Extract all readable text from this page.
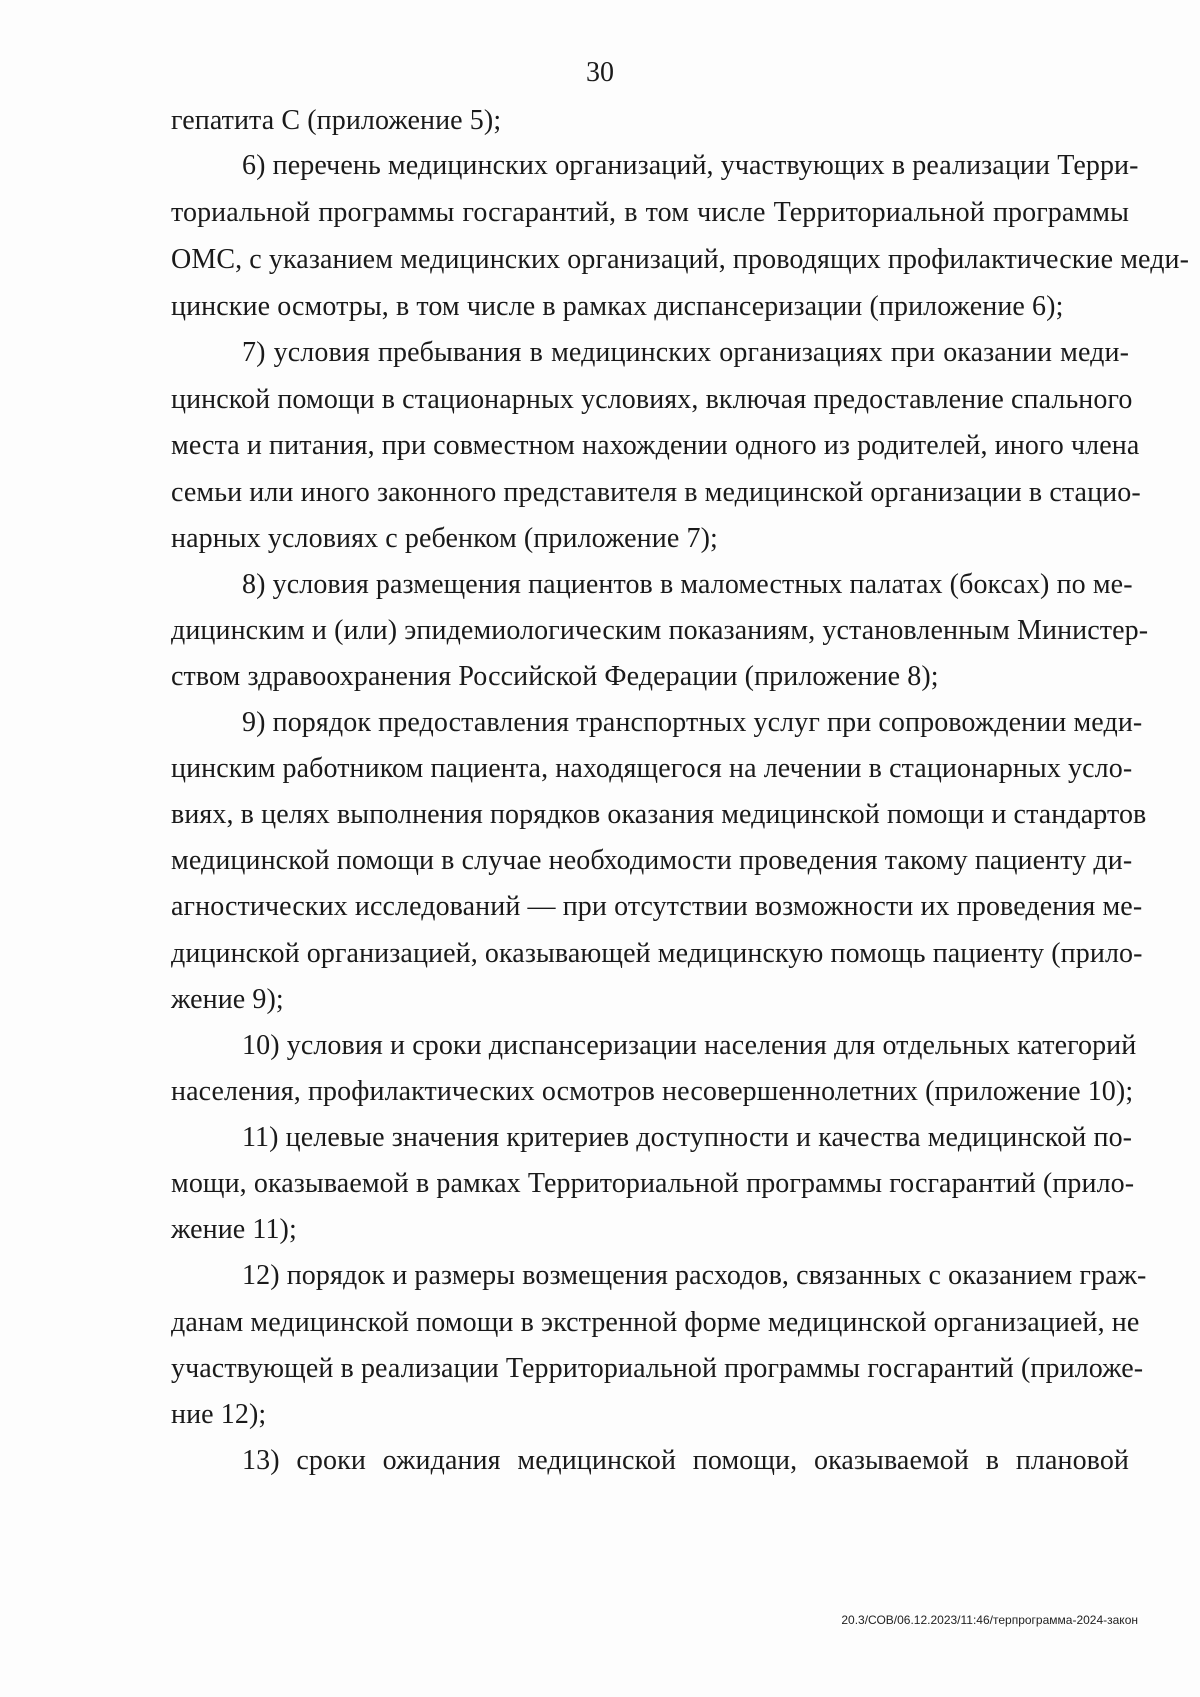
30
гепатита С (приложение 5);
6) перечень медицинских организаций, участвующих в реализации Терри-
ториальной программы госгарантий, в том числе Территориальной программы
ОМС, с указанием медицинских организаций, проводящих профилактические меди-
цинские осмотры, в том числе в рамках диспансеризации (приложение 6);
7) условия пребывания в медицинских организациях при оказании меди-
цинской помощи в стационарных условиях, включая предоставление спального
места и питания, при совместном нахождении одного из родителей, иного члена
семьи или иного законного представителя в медицинской организации в стацио-
нарных условиях с ребенком (приложение 7);
8) условия размещения пациентов в маломестных палатах (боксах) по ме-
дицинским и (или) эпидемиологическим показаниям, установленным Министер-
ством здравоохранения Российской Федерации (приложение 8);
9) порядок предоставления транспортных услуг при сопровождении меди-
цинским работником пациента, находящегося на лечении в стационарных усло-
виях, в целях выполнения порядков оказания медицинской помощи и стандартов
медицинской помощи в случае необходимости проведения такому пациенту ди-
агностических исследований — при отсутствии возможности их проведения ме-
дицинской организацией, оказывающей медицинскую помощь пациенту (прило-
жение 9);
10) условия и сроки диспансеризации населения для отдельных категорий
населения, профилактических осмотров несовершеннолетних (приложение 10);
11) целевые значения критериев доступности и качества медицинской по-
мощи, оказываемой в рамках Территориальной программы госгарантий (прило-
жение 11);
12) порядок и размеры возмещения расходов, связанных с оказанием граж-
данам медицинской помощи в экстренной форме медицинской организацией, не
участвующей в реализации Территориальной программы госгарантий (приложе-
ние 12);
13) сроки ожидания медицинской помощи, оказываемой в плановой
20.3/СОВ/06.12.2023/11:46/терпрограмма-2024-закон
